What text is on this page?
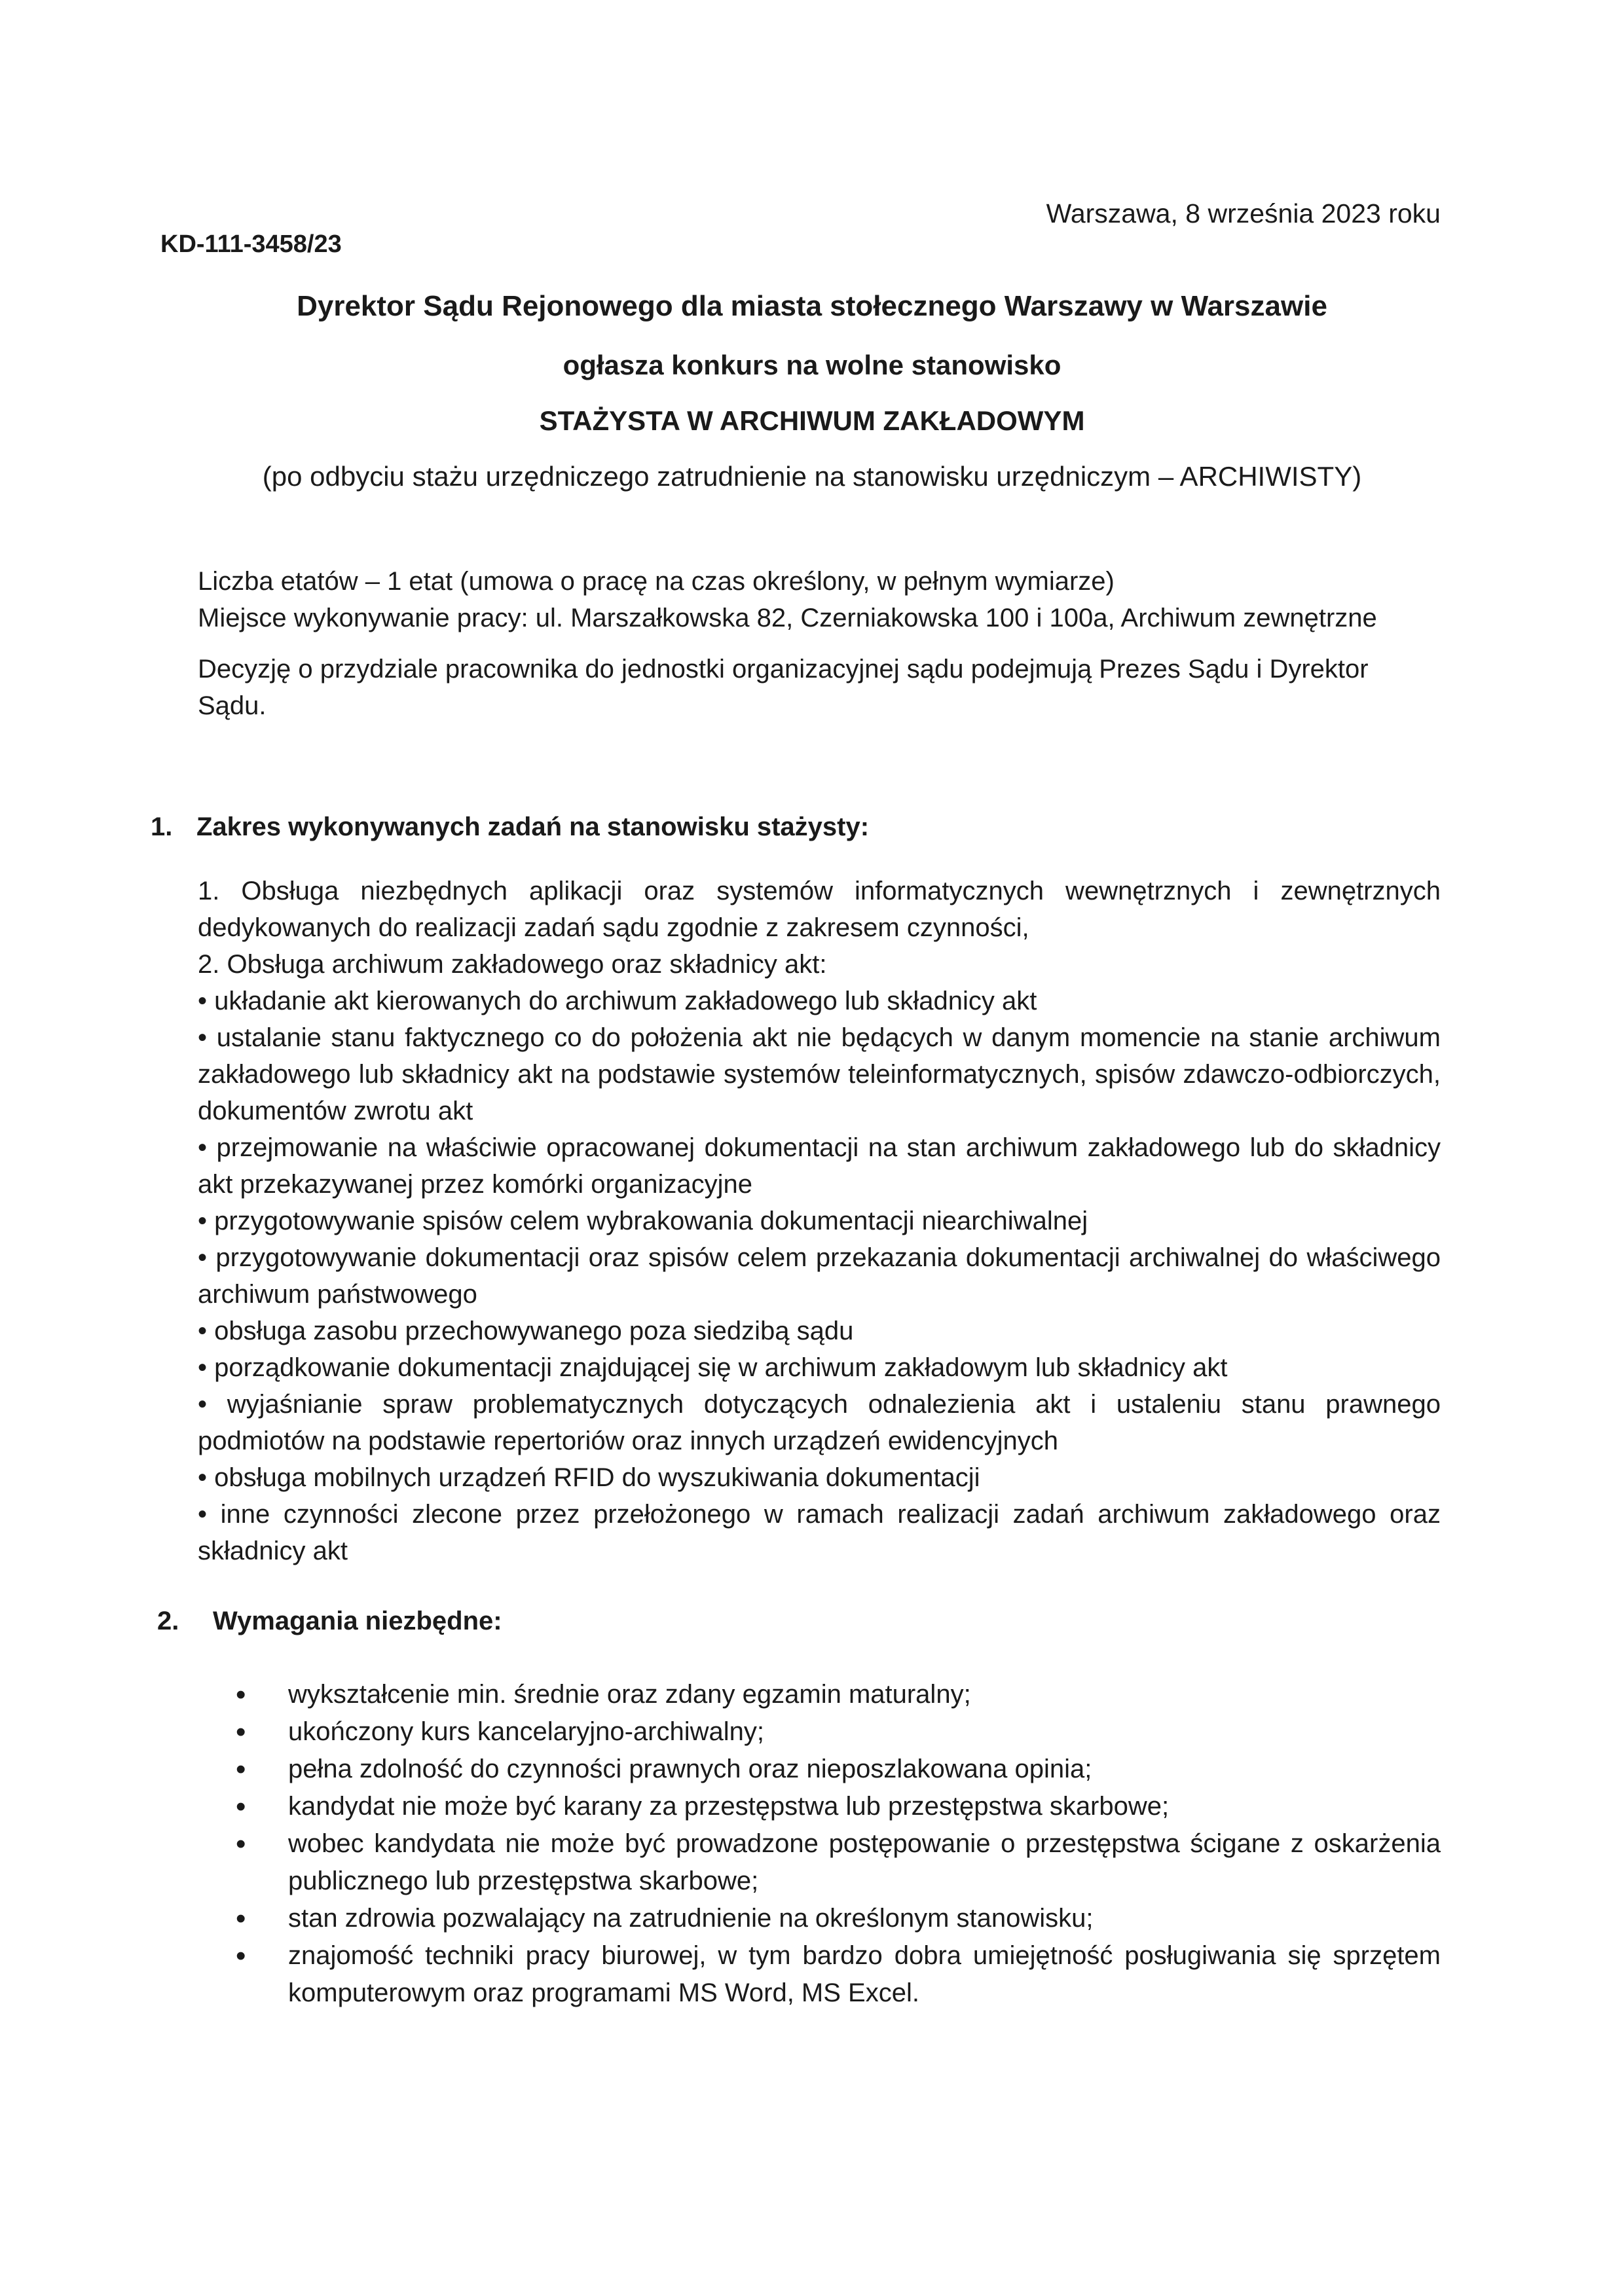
Warszawa, 8 września 2023 roku
KD-111-3458/23
Dyrektor Sądu Rejonowego dla miasta stołecznego Warszawy w Warszawie
ogłasza konkurs na wolne stanowisko
STAŻYSTA W ARCHIWUM ZAKŁADOWYM
(po odbyciu stażu urzędniczego zatrudnienie na stanowisku urzędniczym – ARCHIWISTY)

Liczba etatów – 1 etat (umowa o pracę na czas określony, w pełnym wymiarze)

Miejsce wykonywanie pracy: ul. Marszałkowska 82, Czerniakowska 100 i 100a, Archiwum zewnętrzne

Decyzję o przydziale pracownika do jednostki organizacyjnej sądu podejmują Prezes Sądu i Dyrektor Sądu.

1. Zakres wykonywanych zadań na stanowisku stażysty:

1. Obsługa niezbędnych aplikacji oraz systemów informatycznych wewnętrznych i zewnętrznych dedykowanych do realizacji zadań sądu zgodnie z zakresem czynności,

2. Obsługa archiwum zakładowego oraz składnicy akt:

• układanie akt kierowanych do archiwum zakładowego lub składnicy akt

• ustalanie stanu faktycznego co do położenia akt nie będących w danym momencie na stanie archiwum zakładowego lub składnicy akt na podstawie systemów teleinformatycznych, spisów zdawczo-odbiorczych, dokumentów zwrotu akt

• przejmowanie na właściwie opracowanej dokumentacji na stan archiwum zakładowego lub do składnicy akt przekazywanej przez komórki organizacyjne

• przygotowywanie spisów celem wybrakowania dokumentacji niearchiwalnej

• przygotowywanie dokumentacji oraz spisów celem przekazania dokumentacji archiwalnej do właściwego archiwum państwowego

• obsługa zasobu przechowywanego poza siedzibą sądu

• porządkowanie dokumentacji znajdującej się w archiwum zakładowym lub składnicy akt

• wyjaśnianie spraw problematycznych dotyczących odnalezienia akt i ustaleniu stanu prawnego podmiotów na podstawie repertoriów oraz innych urządzeń ewidencyjnych

• obsługa mobilnych urządzeń RFID do wyszukiwania dokumentacji

• inne czynności zlecone przez przełożonego w ramach realizacji zadań archiwum zakładowego oraz składnicy akt

2. Wymagania niezbędne:
• wykształcenie min. średnie oraz zdany egzamin maturalny;
• ukończony kurs kancelaryjno-archiwalny;
• pełna zdolność do czynności prawnych oraz nieposzlakowana opinia;
• kandydat nie może być karany za przestępstwa lub przestępstwa skarbowe;
• wobec kandydata nie może być prowadzone postępowanie o przestępstwa ścigane z oskarżenia publicznego lub przestępstwa skarbowe;
• stan zdrowia pozwalający na zatrudnienie na określonym stanowisku;
• znajomość techniki pracy biurowej, w tym bardzo dobra umiejętność posługiwania się sprzętem komputerowym oraz programami MS Word, MS Excel.
